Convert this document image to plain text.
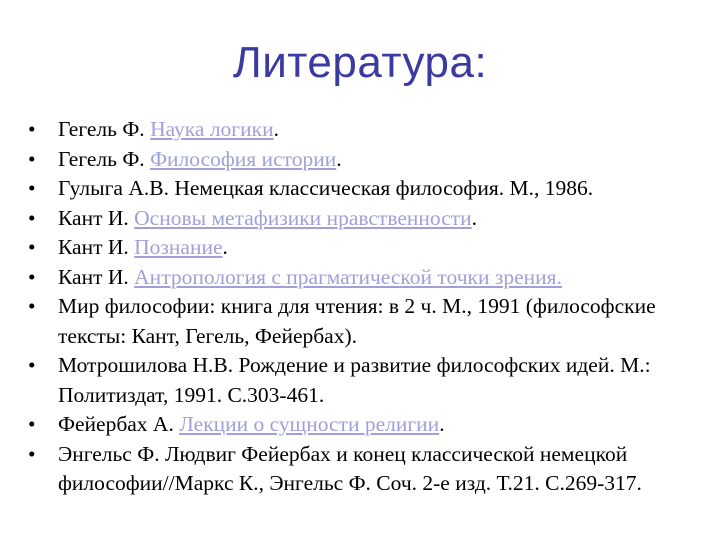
Литература:
•	Гегель Ф. Наука логики.
•	Гегель Ф. Философия истории.
•	Гулыга А.В. Немецкая классическая философия. М., 1986.
•	Кант И. Основы метафизики нравственности.
•	Кант И. Познание.
•	Кант И. Антропология с прагматической точки зрения.
•	Мир философии: книга для чтения: в 2 ч. М., 1991 (философские тексты: Кант, Гегель, Фейербах).
•	Мотрошилова Н.В. Рождение и развитие философских идей. М.: Политиздат, 1991. С.303-461.
•	Фейербах А. Лекции о сущности религии.
•	Энгельс Ф. Людвиг Фейербах и конец классической немецкой философии//Маркс К., Энгельс Ф. Соч. 2-е изд. Т.21. С.269-317.
